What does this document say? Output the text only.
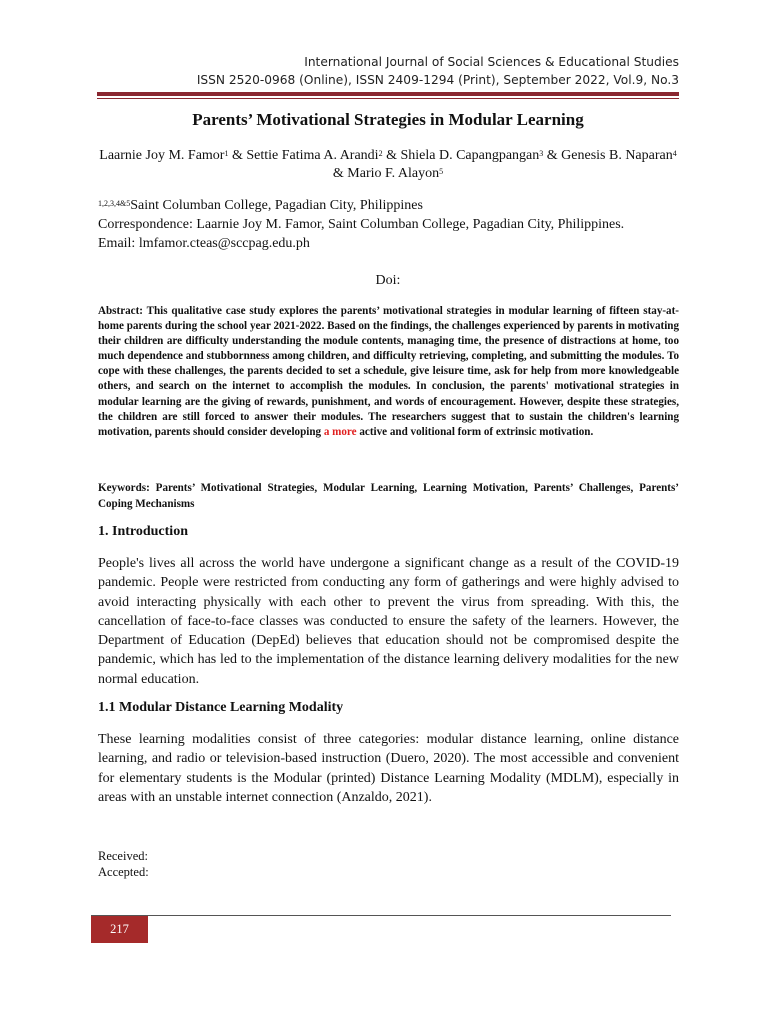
International Journal of Social Sciences & Educational Studies
ISSN 2520-0968 (Online), ISSN 2409-1294 (Print), September 2022, Vol.9, No.3
Parents’ Motivational Strategies in Modular Learning
Laarnie Joy M. Famor$^1$ & Settie Fatima A. Arandi$^2$ & Shiela D. Capangpangan$^3$ & Genesis B. Naparan$^4$
& Mario F. Alayon$^5$
$^{1,2,3,4\&5}$Saint Columban College, Pagadian City, Philippines
Correspondence: Laarnie Joy M. Famor, Saint Columban College, Pagadian City, Philippines.
Email: lmfamor.cteas@sccpag.edu.ph
Doi:
Abstract: This qualitative case study explores the parents’ motivational strategies in modular learning of fifteen stay-at-home parents during the school year 2021-2022. Based on the findings, the challenges experienced by parents in motivating their children are difficulty understanding the module contents, managing time, the presence of distractions at home, too much dependence and stubbornness among children, and difficulty retrieving, completing, and submitting the modules. To cope with these challenges, the parents decided to set a schedule, give leisure time, ask for help from more knowledgeable others, and search on the internet to accomplish the modules. In conclusion, the parents' motivational strategies in modular learning are the giving of rewards, punishment, and words of encouragement. However, despite these strategies, the children are still forced to answer their modules. The researchers suggest that to sustain the children's learning motivation, parents should consider developing a more active and volitional form of extrinsic motivation.
Keywords: Parents’ Motivational Strategies, Modular Learning, Learning Motivation, Parents’ Challenges, Parents’ Coping Mechanisms
1. Introduction
People's lives all across the world have undergone a significant change as a result of the COVID-19 pandemic. People were restricted from conducting any form of gatherings and were highly advised to avoid interacting physically with each other to prevent the virus from spreading. With this, the cancellation of face-to-face classes was conducted to ensure the safety of the learners. However, the Department of Education (DepEd) believes that education should not be compromised despite the pandemic, which has led to the implementation of the distance learning delivery modalities for the new normal education.
1.1 Modular Distance Learning Modality
These learning modalities consist of three categories: modular distance learning, online distance learning, and radio or television-based instruction (Duero, 2020). The most accessible and convenient for elementary students is the Modular (printed) Distance Learning Modality (MDLM), especially in areas with an unstable internet connection (Anzaldo, 2021).
Received:
Accepted:
217
